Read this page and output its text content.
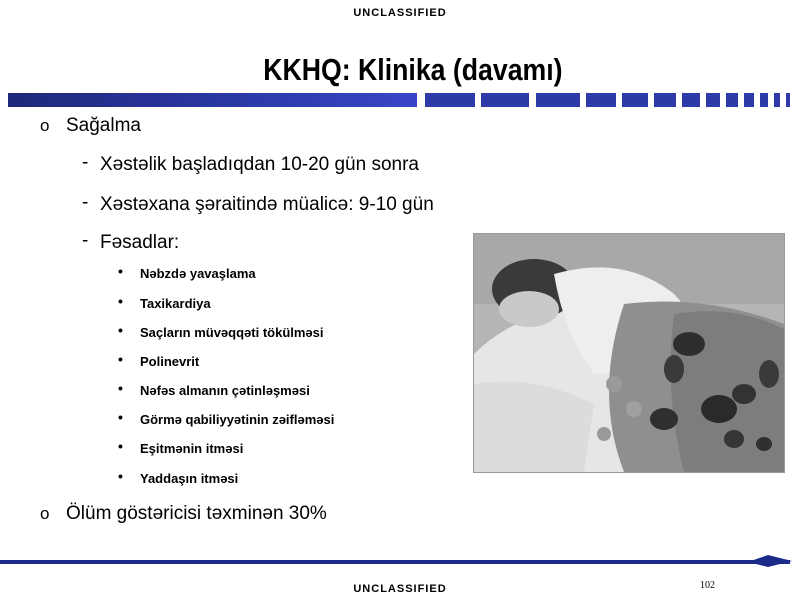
UNCLASSIFIED
KKHQ: Klinika (davamı)
o Sağalma
- Xәstәlik başladıqdan 10-20 gün sonra
- Xәstәxana şәraitindә müalicә: 9-10 gün
- Fәsadlar:
• Nәbzdә yavaşlama
• Taxikardiya
• Saçların müvәqqәti tökülmәsi
• Polinevrit
• Nәfәs almanın çәtinlәşmәsi
• Görmә qabiliyyәtinin zәiflәmәsi
• Eşitmәnin itmәsi
• Yaddaşın itmәsi
o Ölüm göstәricisi tәxminәn 30%
102
UNCLASSIFIED
